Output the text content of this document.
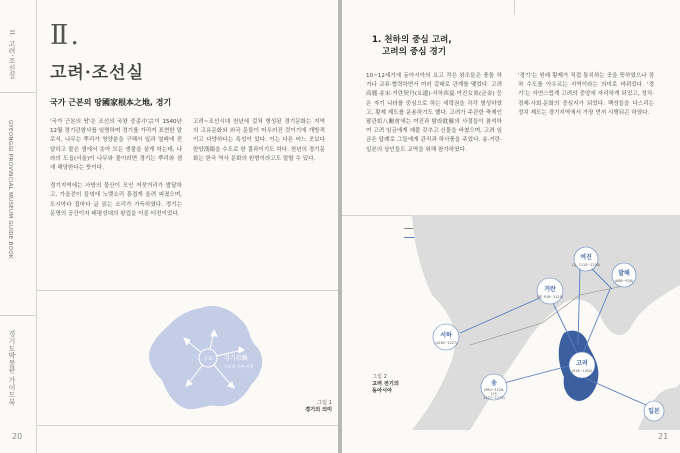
II. 고려·조선실
GYEONGGI PROVINCIAL MUSEUM GUIDE BOOK
경기도박물관 가이드북
Ⅱ.
고려·조선실
국가 근본의 땅國家根本之地, 경기

'국가 근본의 땅'은 조선의 국왕 중종中宗이 1540년 12월 경기관찰사를 임명하며 경기를 가리켜 표현한 말로서, 나무는 뿌리가 영양분을 구해서 잎과 열매에 전달하고 물은 샘에서 솟아 모든 생물을 살게 하는데, 나라의 도읍(서울)이 나무와 물이라면 경기는 뿌리와 샘에 해당한다는 뜻이다.

경기지역에는 사방의 물산이 모인 저잣거리가 발달하고, 가을걷이 들녘에 노랫소리 흥겹게 울려 퍼졌으며, 도시마다 집마다 글 읽는 소리가 가득하였다. 경기는 문명의 공간이자 태평성대의 왕업을 이룬 터전이었다.

고려~조선시대 천년에 걸쳐 형성된 경기문화는 지역의 고유문화와 외국 문물이 어우러진 것이기에 개방적이고 다양하다는 특성이 있다. 이는 다른 어느 곳보다 한양漢陽을 수도로 한 결과이기도 하다. 천년의 경기문화는 한국 역사 문화의 원형이라고도 말할 수 있다.

수도 경기京畿
수도의 주변 지역
그림 1
경기의 의미
20
1. 천하의 중심 고려,
고려의 중심 경기

10~12세기에 동아시아의 요고 작은 왕조들은 충돌 하거나 교류·협력하면서 여러 갈래로 관계를 맺었다. 고려高麗·송宋·거란契丹(요遼)·서하西夏·여진女眞(금金) 등은 자기 나라를 중심으로 하는 세력권을 각각 형성하였고, 황제 제도를 운용하기도 했다. 고려가 주관한 축제인 팔관회八關會에는 여진과 탐라耽羅의 사절들이 참석하여 고려 임금에게 예물 갖추고 신물을 바쳤으며, 고려 임금은 답례로 그들에게 관직과 하사품을 주었다. 송·거란·일본의 상인들도 교역을 위해 참가하였다.

'경기'는 원래 황제가 직접 통치하는 곳을 뜻하였으나 점차 수도를 아우르는 지역이라는 의미로 바뀌었다. '경기'는 자연스럽게 고려의 중앙에 자리하게 되었고, 정치·경제·사회·문화의 중심지가 되었다. 팩성들을 다스리는 정치 제도는 경기지역에서 가장 먼저 시행되곤 하였다.

여진
거란
발해
서하
고려
송
일본
(金, 1115~1234)
(遼, 916~1125)
(698~926)
(1038~1227)
(918~1392)
(960~1126,
남송
1127~1279)
그림 2
고려 전기의
동아시아
21
